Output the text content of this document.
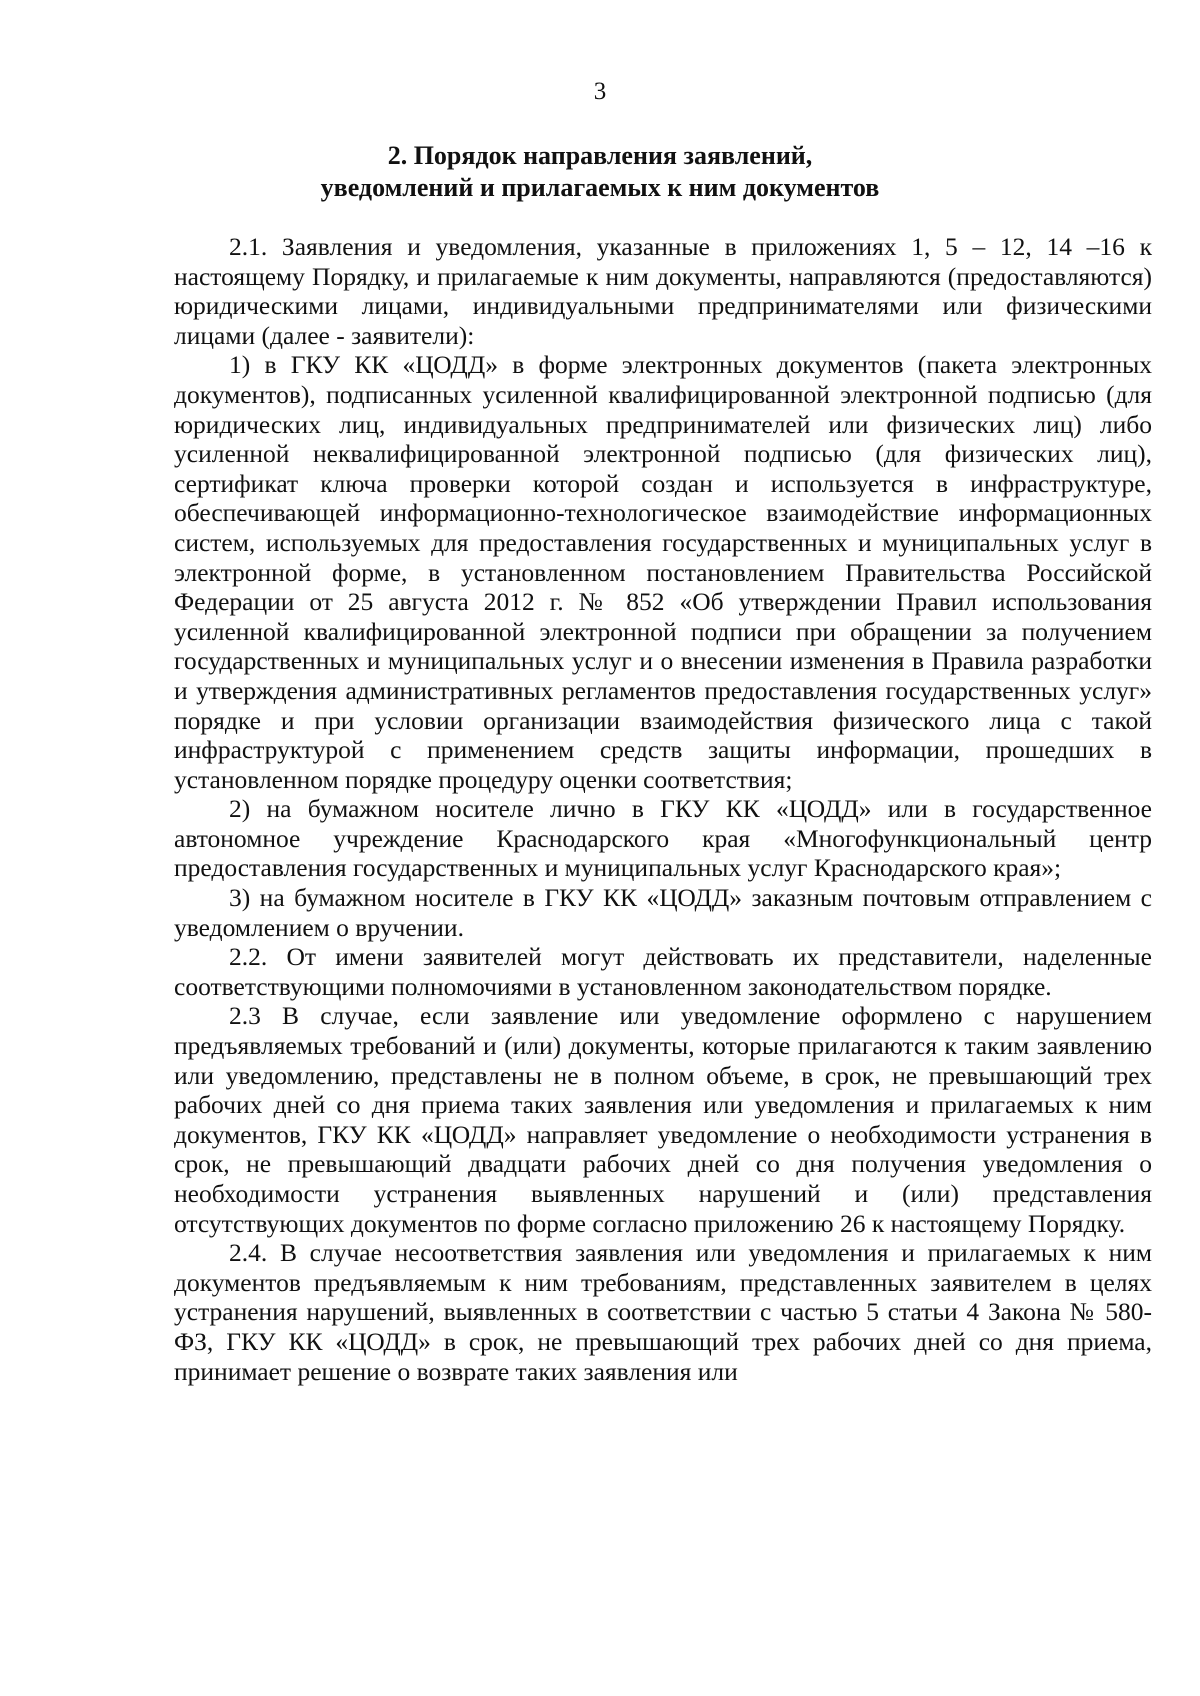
3
2. Порядок направления заявлений,
уведомлений и прилагаемых к ним документов

2.1. Заявления и уведомления, указанные в приложениях 1, 5 – 12, 14 –16 к настоящему Порядку, и прилагаемые к ним документы, направляются (предоставляются) юридическими лицами, индивидуальными предпринимателями или физическими лицами (далее - заявители):

1) в ГКУ КК «ЦОДД» в форме электронных документов (пакета электронных документов), подписанных усиленной квалифицированной электронной подписью (для юридических лиц, индивидуальных предпринимателей или физических лиц) либо усиленной неквалифицированной электронной подписью (для физических лиц), сертификат ключа проверки которой создан и используется в инфраструктуре, обеспечивающей информационно-технологическое взаимодействие информационных систем, используемых для предоставления государственных и муниципальных услуг в электронной форме, в установленном постановлением Правительства Российской Федерации от 25 августа 2012 г. № 852 «Об утверждении Правил использования усиленной квалифицированной электронной подписи при обращении за получением государственных и муниципальных услуг и о внесении изменения в Правила разработки и утверждения административных регламентов предоставления государственных услуг» порядке и при условии организации взаимодействия физического лица с такой инфраструктурой с применением средств защиты информации, прошедших в установленном порядке процедуру оценки соответствия;

2) на бумажном носителе лично в ГКУ КК «ЦОДД» или в государственное автономное учреждение Краснодарского края «Многофункциональный центр предоставления государственных и муниципальных услуг Краснодарского края»;

3) на бумажном носителе в ГКУ КК «ЦОДД» заказным почтовым отправлением с уведомлением о вручении.

2.2. От имени заявителей могут действовать их представители, наделенные соответствующими полномочиями в установленном законодательством порядке.

2.3 В случае, если заявление или уведомление оформлено с нарушением предъявляемых требований и (или) документы, которые прилагаются к таким заявлению или уведомлению, представлены не в полном объеме, в срок, не превышающий трех рабочих дней со дня приема таких заявления или уведомления и прилагаемых к ним документов, ГКУ КК «ЦОДД» направляет уведомление о необходимости устранения в срок, не превышающий двадцати рабочих дней со дня получения уведомления о необходимости устранения выявленных нарушений и (или) представления отсутствующих документов по форме согласно приложению 26 к настоящему Порядку.

2.4. В случае несоответствия заявления или уведомления и прилагаемых к ним документов предъявляемым к ним требованиям, представленных заявителем в целях устранения нарушений, выявленных в соответствии с частью 5 статьи 4 Закона № 580-ФЗ, ГКУ КК «ЦОДД» в срок, не превышающий трех рабочих дней со дня приема, принимает решение о возврате таких заявления или
